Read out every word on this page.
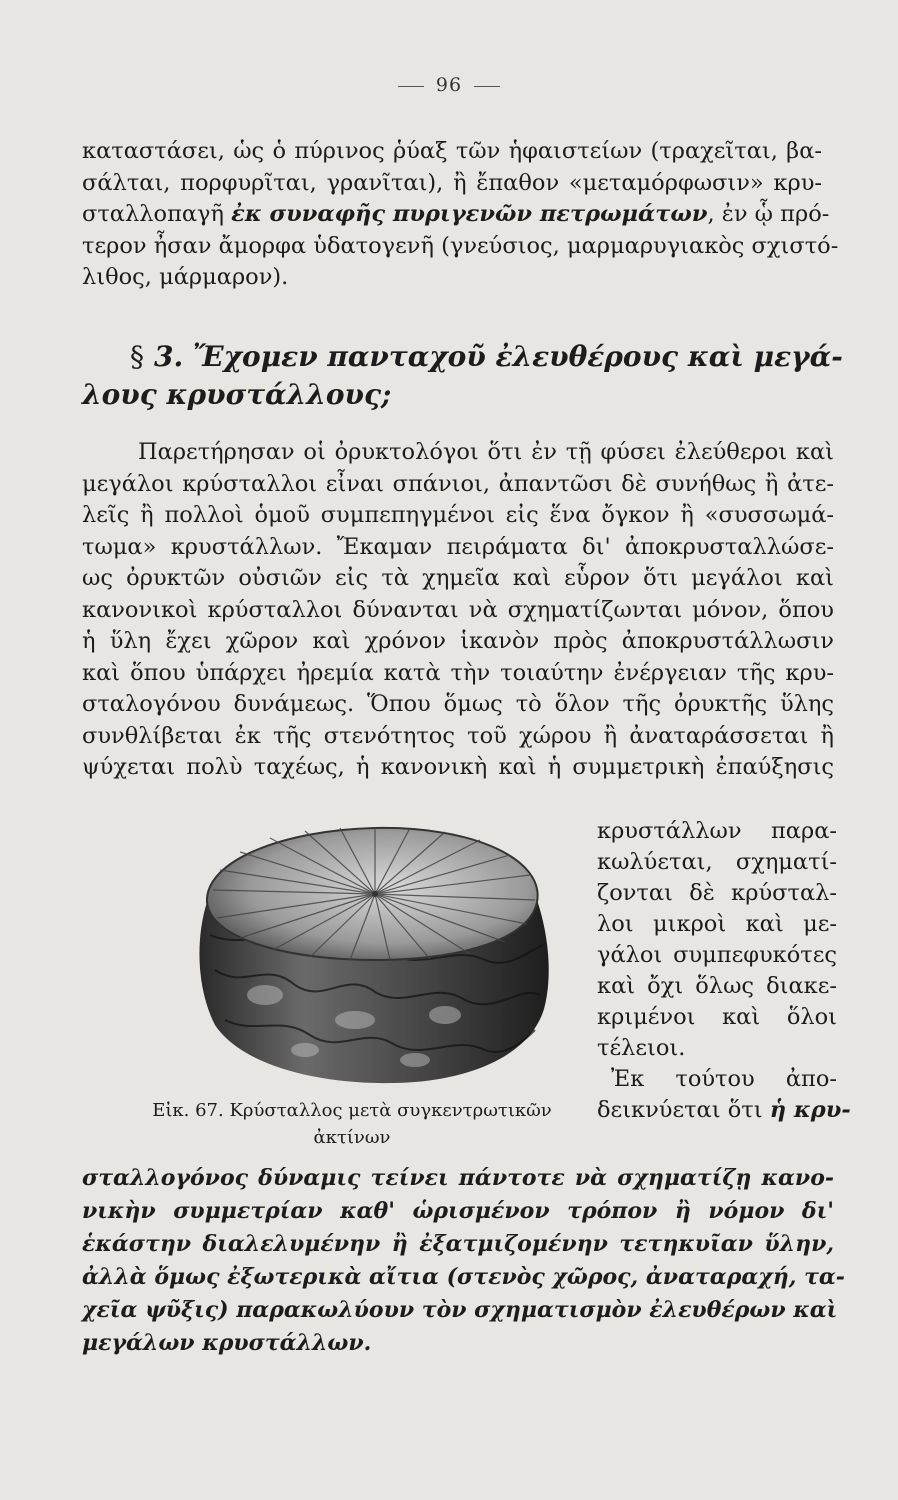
96
καταστάσει, ὡς ὁ πύρινος ῥύαξ τῶν ἡφαιστείων (τραχεῖται, βα-
σάλται, πορφυρῖται, γρανῖται), ἢ ἔπαθον «μεταμόρφωσιν» κρυ-
σταλλοπαγῆ ἐκ συναφῆς πυριγενῶν πετρωμάτων, ἐν ᾧ πρό-
τερον ἦσαν ἄμορφα ὑδατογενῆ (γνεύσιος, μαρμαρυγιακὸς σχιστό-
λιθος, μάρμαρον).
§ 3. Ἔχομεν πανταχοῦ ἐλευθέρους καὶ μεγά-
λους κρυστάλλους;
Παρετήρησαν οἱ ὀρυκτολόγοι ὅτι ἐν τῇ φύσει ἐλεύθεροι καὶ
μεγάλοι κρύσταλλοι εἶναι σπάνιοι, ἀπαντῶσι δὲ συνήθως ἢ ἀτε-
λεῖς ἢ πολλοὶ ὁμοῦ συμπεπηγμένοι εἰς ἕνα ὄγκον ἢ «συσσωμά-
τωμα» κρυστάλλων. Ἔκαμαν πειράματα δι' ἀποκρυσταλλώσε-
ως ὀρυκτῶν οὐσιῶν εἰς τὰ χημεῖα καὶ εὗρον ὅτι μεγάλοι καὶ
κανονικοὶ κρύσταλλοι δύνανται νὰ σχηματίζωνται μόνον, ὅπου
ἡ ὕλη ἔχει χῶρον καὶ χρόνον ἱκανὸν πρὸς ἀποκρυστάλλωσιν
καὶ ὅπου ὑπάρχει ἠρεμία κατὰ τὴν τοιαύτην ἐνέργειαν τῆς κρυ-
σταλογόνου δυνάμεως. Ὅπου ὅμως τὸ ὅλον τῆς ὀρυκτῆς ὕλης
συνθλίβεται ἐκ τῆς στενότητος τοῦ χώρου ἢ ἀναταράσσεται ἢ
ψύχεται πολὺ ταχέως, ἡ κανονικὴ καὶ ἡ συμμετρικὴ ἐπαύξησις
Εἰκ. 67. Κρύσταλλος μετὰ συγκεντρωτικῶν
ἀκτίνων
κρυστάλλων παρα-
κωλύεται, σχηματί-
ζονται δὲ κρύσταλ-
λοι μικροὶ καὶ με-
γάλοι συμπεφυκότες
καὶ ὄχι ὅλως διακε-
κριμένοι καὶ ὅλοι
τέλειοι.
Ἐκ τούτου ἀπο-
δεικνύεται ὅτι ἡ κρυ-
σταλλογόνος δύναμις τείνει πάντοτε νὰ σχηματίζῃ κανο-
νικὴν συμμετρίαν καθ' ὡρισμένον τρόπον ἢ νόμον δι'
ἑκάστην διαλελυμένην ἢ ἐξατμιζομένην τετηκυῖαν ὕλην,
ἀλλὰ ὅμως ἐξωτερικὰ αἴτια (στενὸς χῶρος, ἀναταραχή, τα-
χεῖα ψῦξις) παρακωλύουν τὸν σχηματισμὸν ἐλευθέρων καὶ
μεγάλων κρυστάλλων.
